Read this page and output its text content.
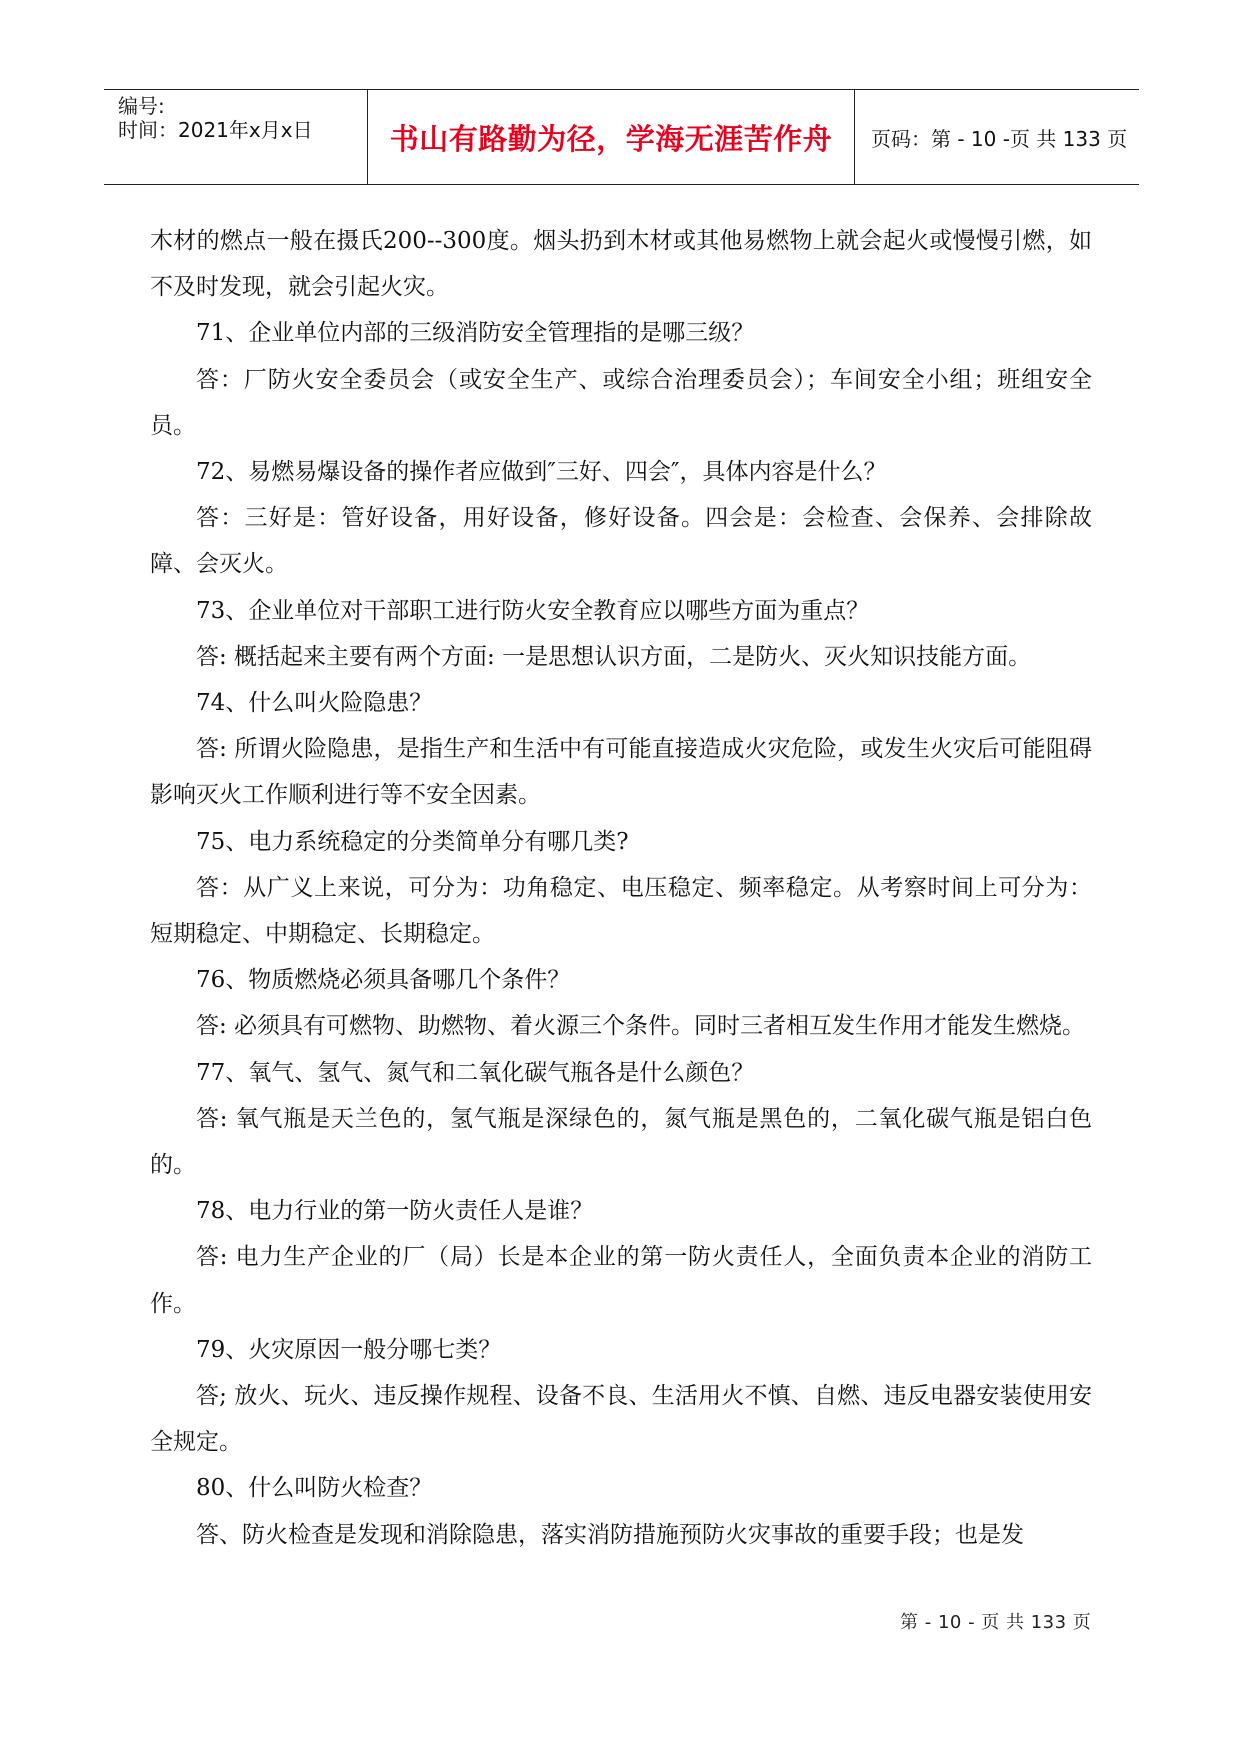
编号:
时间：2021年x月x日	书山有路勤为径，学海无涯苦作舟 页码：第 - 10 -页 共 133 页

木材的燃点一般在摄氏200--300度。烟头扔到木材或其他易燃物上就会起火或慢慢引燃，如不及时发现，就会引起火灾。

71、企业单位内部的三级消防安全管理指的是哪三级？

答：厂防火安全委员会（或安全生产、或综合治理委员会）；车间安全小组；班组安全员。

72、易燃易爆设备的操作者应做到″三好、四会″，具体内容是什么？

答：三好是：管好设备，用好设备，修好设备。四会是：会检查、会保养、会排除故障、会灭火。

73、企业单位对干部职工进行防火安全教育应以哪些方面为重点？

答: 概括起来主要有两个方面: 一是思想认识方面，二是防火、灭火知识技能方面。

74、什么叫火险隐患？

答: 所谓火险隐患，是指生产和生活中有可能直接造成火灾危险，或发生火灾后可能阻碍影响灭火工作顺利进行等不安全因素。

75、电力系统稳定的分类简单分有哪几类?

答：从广义上来说，可分为：功角稳定、电压稳定、频率稳定。从考察时间上可分为：短期稳定、中期稳定、长期稳定。

76、物质燃烧必须具备哪几个条件？

答: 必须具有可燃物、助燃物、着火源三个条件。同时三者相互发生作用才能发生燃烧。

77、氧气、氢气、氮气和二氧化碳气瓶各是什么颜色？

答: 氧气瓶是天兰色的，氢气瓶是深绿色的，氮气瓶是黑色的，二氧化碳气瓶是铝白色的。

78、电力行业的第一防火责任人是谁？

答: 电力生产企业的厂（局）长是本企业的第一防火责任人，全面负责本企业的消防工作。

79、火灾原因一般分哪七类？

答; 放火、玩火、违反操作规程、设备不良、生活用火不慎、自燃、违反电器安装使用安全规定。

80、什么叫防火检查？

答、防火检查是发现和消除隐患，落实消防措施预防火灾事故的重要手段；也是发

第 - 10 - 页 共 133 页
